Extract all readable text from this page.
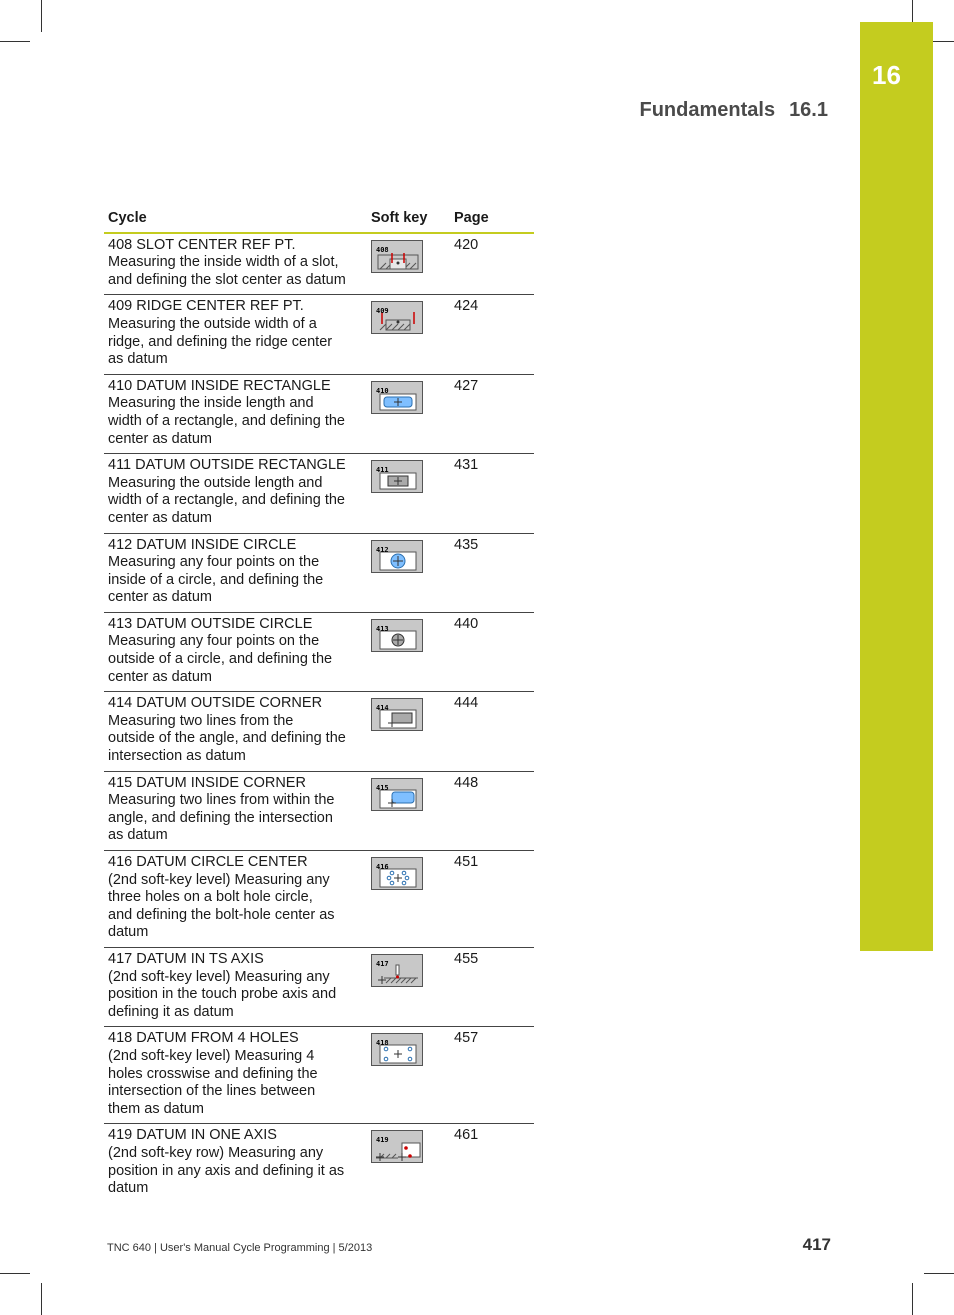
16
Fundamentals 16.1
Cycle	Soft key	Page

408 SLOT CENTER REF PT.
Measuring the inside width of a slot,
and defining the slot center as datum	408	420

409 RIDGE CENTER REF PT.
Measuring the outside width of a
ridge, and defining the ridge center
as datum	409	424

410 DATUM INSIDE RECTANGLE
Measuring the inside length and
width of a rectangle, and defining the
center as datum	410	427

411 DATUM OUTSIDE RECTANGLE
Measuring the outside length and
width of a rectangle, and defining the
center as datum	411	431

412 DATUM INSIDE CIRCLE
Measuring any four points on the
inside of a circle, and defining the
center as datum	412	435

413 DATUM OUTSIDE CIRCLE
Measuring any four points on the
outside of a circle, and defining the
center as datum	413	440

414 DATUM OUTSIDE CORNER
Measuring two lines from the
outside of the angle, and defining the
intersection as datum	414	444

415 DATUM INSIDE CORNER
Measuring two lines from within the
angle, and defining the intersection
as datum	415	448

416 DATUM CIRCLE CENTER
(2nd soft-key level) Measuring any
three holes on a bolt hole circle,
and defining the bolt-hole center as
datum	416	451

417 DATUM IN TS AXIS
(2nd soft-key level) Measuring any
position in the touch probe axis and
defining it as datum	417	455

418 DATUM FROM 4 HOLES
(2nd soft-key level) Measuring 4
holes crosswise and defining the
intersection of the lines between
them as datum	418	457

419 DATUM IN ONE AXIS
(2nd soft-key row) Measuring any
position in any axis and defining it as
datum	419	461
TNC 640 | User's Manual Cycle Programming | 5/2013	417
